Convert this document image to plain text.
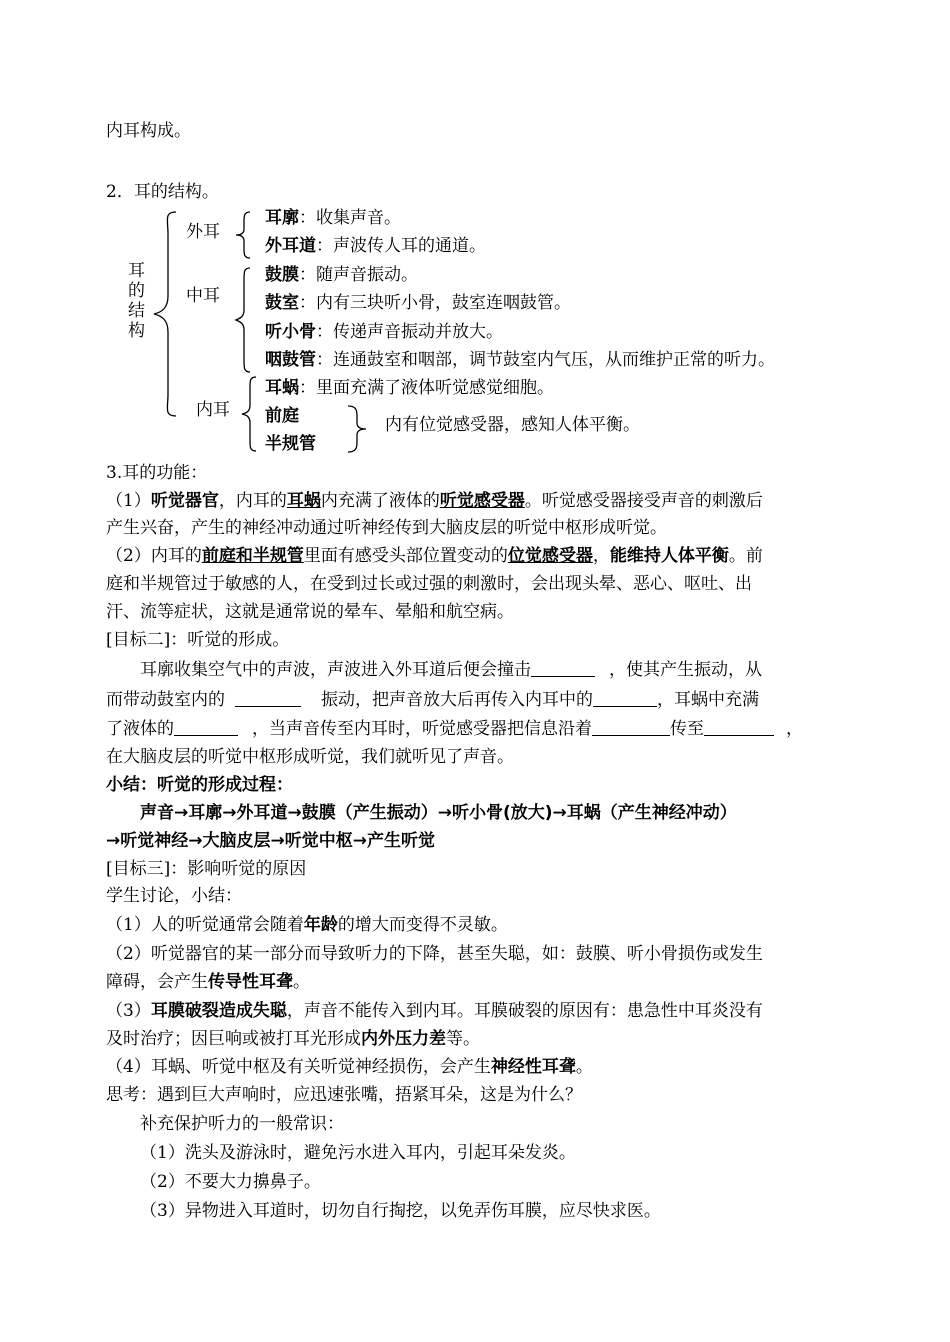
内耳构成。
2．耳的结构。
耳
的
结
构
外耳
耳廓：收集声音。
外耳道：声波传人耳的通道。
中耳
鼓膜：随声音振动。
鼓室：内有三块听小骨，鼓室连咽鼓管。
听小骨：传递声音振动并放大。
咽鼓管：连通鼓室和咽部，调节鼓室内气压，从而维护正常的听力。
内耳
耳蜗：里面充满了液体听觉感觉细胞。
前庭
半规管
内有位觉感受器，感知人体平衡。
3.耳的功能：
（1）听觉器官，内耳的耳蜗内充满了液体的听觉感受器。听觉感受器接受声音的刺激后
产生兴奋，产生的神经冲动通过听神经传到大脑皮层的听觉中枢形成听觉。
（2）内耳的前庭和半规管里面有感受头部位置变动的位觉感受器，能维持人体平衡。前
庭和半规管过于敏感的人，在受到过长或过强的刺激时，会出现头晕、恶心、呕吐、出
汗、流等症状，这就是通常说的晕车、晕船和航空病。
[目标二]：听觉的形成。
耳廓收集空气中的声波，声波进入外耳道后便会撞击	，使其产生振动，从
而带动鼓室内的	振动，把声音放大后再传入内耳中的	，耳蜗中充满
了液体的	，当声音传至内耳时，听觉感受器把信息沿着	传至	，
在大脑皮层的听觉中枢形成听觉，我们就听见了声音。
小结：听觉的形成过程：
声音→耳廓→外耳道→鼓膜（产生振动）→听小骨(放大)→耳蜗（产生神经冲动）
→听觉神经→大脑皮层→听觉中枢→产生听觉
[目标三]：影响听觉的原因
学生讨论，小结：
（1）人的听觉通常会随着年龄的增大而变得不灵敏。
（2）听觉器官的某一部分而导致听力的下降，甚至失聪，如：鼓膜、听小骨损伤或发生
障碍，会产生传导性耳聋。
（3）耳膜破裂造成失聪，声音不能传入到内耳。耳膜破裂的原因有：患急性中耳炎没有
及时治疗；因巨响或被打耳光形成内外压力差等。
（4）耳蜗、听觉中枢及有关听觉神经损伤，会产生神经性耳聋。
思考：遇到巨大声响时，应迅速张嘴，捂紧耳朵，这是为什么？
补充保护听力的一般常识：
（1）洗头及游泳时，避免污水进入耳内，引起耳朵发炎。
（2）不要大力擤鼻子。
（3）异物进入耳道时，切勿自行掏挖，以免弄伤耳膜，应尽快求医。
